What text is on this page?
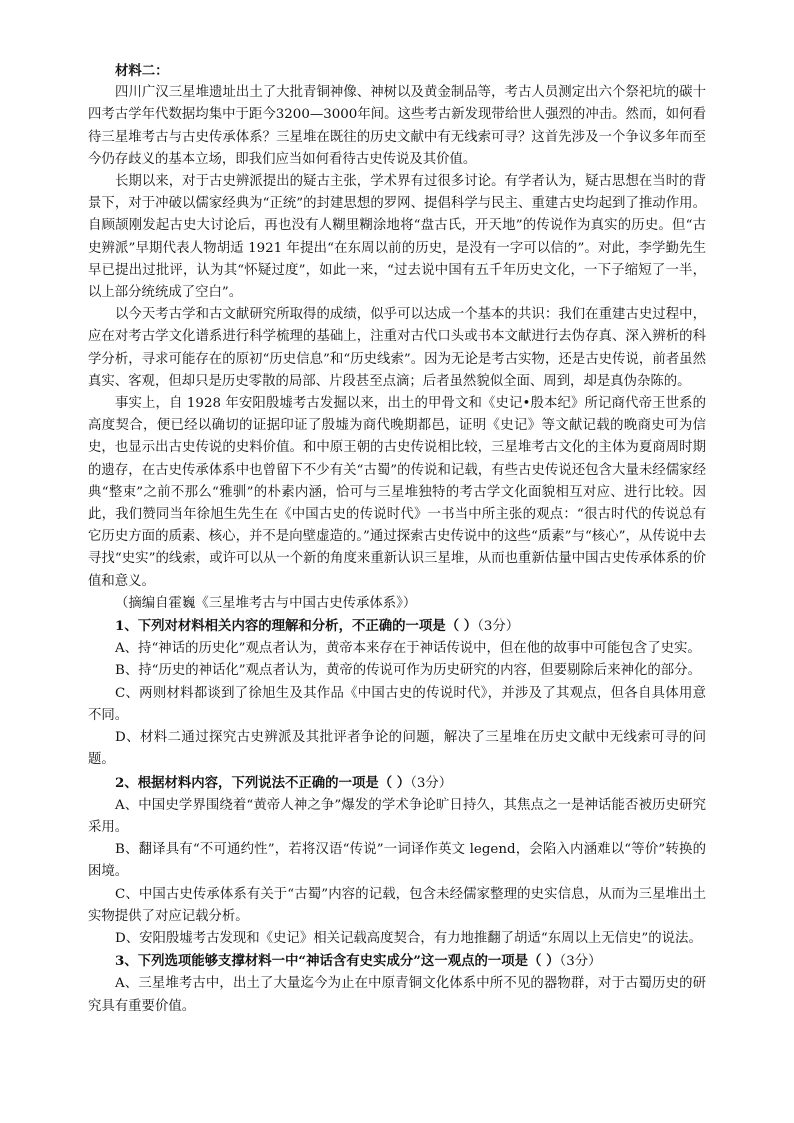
材料二：

四川广汉三星堆遗址出土了大批青铜神像、神树以及黄金制品等，考古人员测定出六个祭祀坑的碳十四考古学年代数据均集中于距今3200—3000年间。这些考古新发现带给世人强烈的冲击。然而，如何看待三星堆考古与古史传承体系？三星堆在既往的历史文献中有无线索可寻？这首先涉及一个争议多年而至今仍存歧义的基本立场，即我们应当如何看待古史传说及其价值。

长期以来，对于古史辨派提出的疑古主张，学术界有过很多讨论。有学者认为，疑古思想在当时的背景下，对于冲破以儒家经典为“正统”的封建思想的罗网、提倡科学与民主、重建古史均起到了推动作用。自顾颉刚发起古史大讨论后，再也没有人糊里糊涂地将“盘古氏，开天地”的传说作为真实的历史。但“古史辨派”早期代表人物胡适 1921 年提出“在东周以前的历史，是没有一字可以信的”。对此，李学勤先生早已提出过批评，认为其“怀疑过度”，如此一来，“过去说中国有五千年历史文化，一下子缩短了一半，以上部分统统成了空白”。

以今天考古学和古文献研究所取得的成绩，似乎可以达成一个基本的共识：我们在重建古史过程中，应在对考古学文化谱系进行科学梳理的基础上，注重对古代口头或书本文献进行去伪存真、深入辨析的科学分析，寻求可能存在的原初“历史信息”和“历史线索”。因为无论是考古实物，还是古史传说，前者虽然真实、客观，但却只是历史零散的局部、片段甚至点滴；后者虽然貌似全面、周到，却是真伪杂陈的。

事实上，自 1928 年安阳殷墟考古发掘以来，出土的甲骨文和《史记•殷本纪》所记商代帝王世系的高度契合，便已经以确切的证据印证了殷墟为商代晚期都邑，证明《史记》等文献记载的晚商史可为信史，也显示出古史传说的史料价值。和中原王朝的古史传说相比较，三星堆考古文化的主体为夏商周时期的遗存，在古史传承体系中也曾留下不少有关“古蜀”的传说和记载，有些古史传说还包含大量未经儒家经典“整束”之前不那么“雅驯”的朴素内涵，恰可与三星堆独特的考古学文化面貌相互对应、进行比较。因此，我们赞同当年徐旭生先生在《中国古史的传说时代》一书当中所主张的观点：“很古时代的传说总有它历史方面的质素、核心，并不是向壁虚造的。”通过探索古史传说中的这些“质素”与“核心”，从传说中去寻找“史实”的线索，或许可以从一个新的角度来重新认识三星堆，从而也重新估量中国古史传承体系的价值和意义。

（摘编自霍巍《三星堆考古与中国古史传承体系》）

1、下列对材料相关内容的理解和分析，不正确的一项是（ ）（3分）

A、持“神话的历史化”观点者认为，黄帝本来存在于神话传说中，但在他的故事中可能包含了史实。

B、持“历史的神话化”观点者认为，黄帝的传说可作为历史研究的内容，但要剔除后来神化的部分。

C、两则材料都谈到了徐旭生及其作品《中国古史的传说时代》，并涉及了其观点，但各自具体用意不同。

D、材料二通过探究古史辨派及其批评者争论的问题，解决了三星堆在历史文献中无线索可寻的问题。

2、根据材料内容，下列说法不正确的一项是（ ）（3分）

A、中国史学界围绕着“黄帝人神之争”爆发的学术争论旷日持久，其焦点之一是神话能否被历史研究采用。

B、翻译具有“不可通约性”，若将汉语“传说”一词译作英文 legend，会陷入内涵难以“等价”转换的困境。

C、中国古史传承体系有关于“古蜀”内容的记载，包含未经儒家整理的史实信息，从而为三星堆出土实物提供了对应记载分析。

D、安阳殷墟考古发现和《史记》相关记载高度契合，有力地推翻了胡适“东周以上无信史”的说法。

3、下列选项能够支撑材料一中“神话含有史实成分”这一观点的一项是（ ）（3分）

A、三星堆考古中，出土了大量迄今为止在中原青铜文化体系中所不见的器物群，对于古蜀历史的研究具有重要价值。
